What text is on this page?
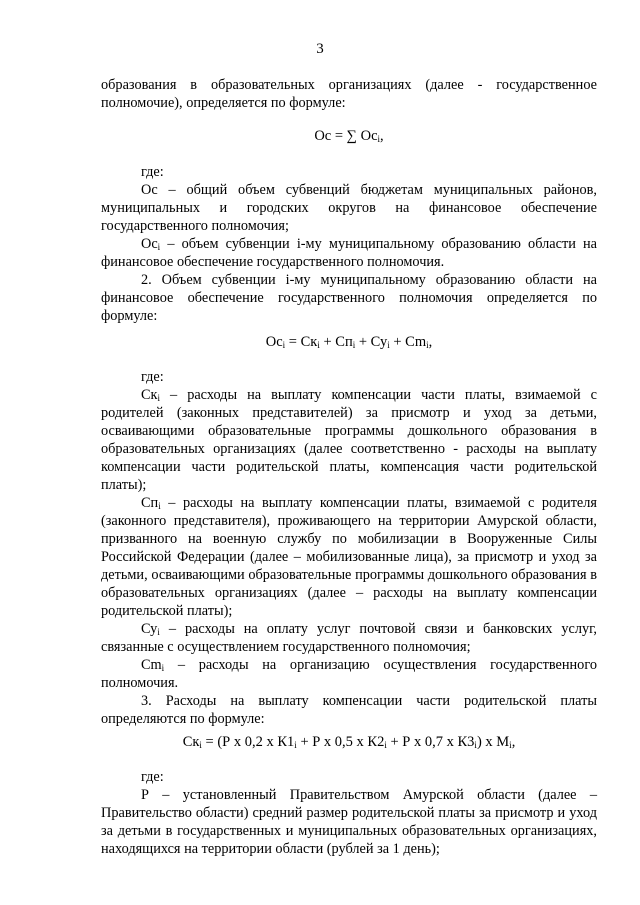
3

образования в образовательных организациях (далее - государственное полномочие), определяется по формуле:

Ос = ∑ $Ос_i$,

где:

Ос – общий объем субвенций бюджетам муниципальных районов, муниципальных и городских округов на финансовое обеспечение государственного полномочия;

$Ос_i$ – объем субвенции i-му муниципальному образованию области на финансовое обеспечение государственного полномочия.

2. Объем субвенции i-му муниципальному образованию области на финансовое обеспечение государственного полномочия определяется по формуле:

$Ос_i = Ск_i + Сп_i + Су_i + Cm_i$,

где:

$Ск_i$ – расходы на выплату компенсации части платы, взимаемой с родителей (законных представителей) за присмотр и уход за детьми, осваивающими образовательные программы дошкольного образования в образовательных организациях (далее соответственно - расходы на выплату компенсации части родительской платы, компенсация части родительской платы);

$Сп_i$ – расходы на выплату компенсации платы, взимаемой с родителя (законного представителя), проживающего на территории Амурской области, призванного на военную службу по мобилизации в Вооруженные Силы Российской Федерации (далее – мобилизованные лица), за присмотр и уход за детьми, осваивающими образовательные программы дошкольного образования в образовательных организациях (далее – расходы на выплату компенсации родительской платы);

$Су_i$ – расходы на оплату услуг почтовой связи и банковских услуг, связанные с осуществлением государственного полномочия;

$Cm_i$ – расходы на организацию осуществления государственного полномочия.

3. Расходы на выплату компенсации части родительской платы определяются по формуле:

$Ск_i = (Р$ х 0,2 х $К1_i + Р$ х 0,5 х $К2_i + Р$ х 0,7 х $К3_i$) х $М_i$,

где:

Р – установленный Правительством Амурской области (далее – Правительство области) средний размер родительской платы за присмотр и уход за детьми в государственных и муниципальных образовательных организациях, находящихся на территории области (рублей за 1 день);
